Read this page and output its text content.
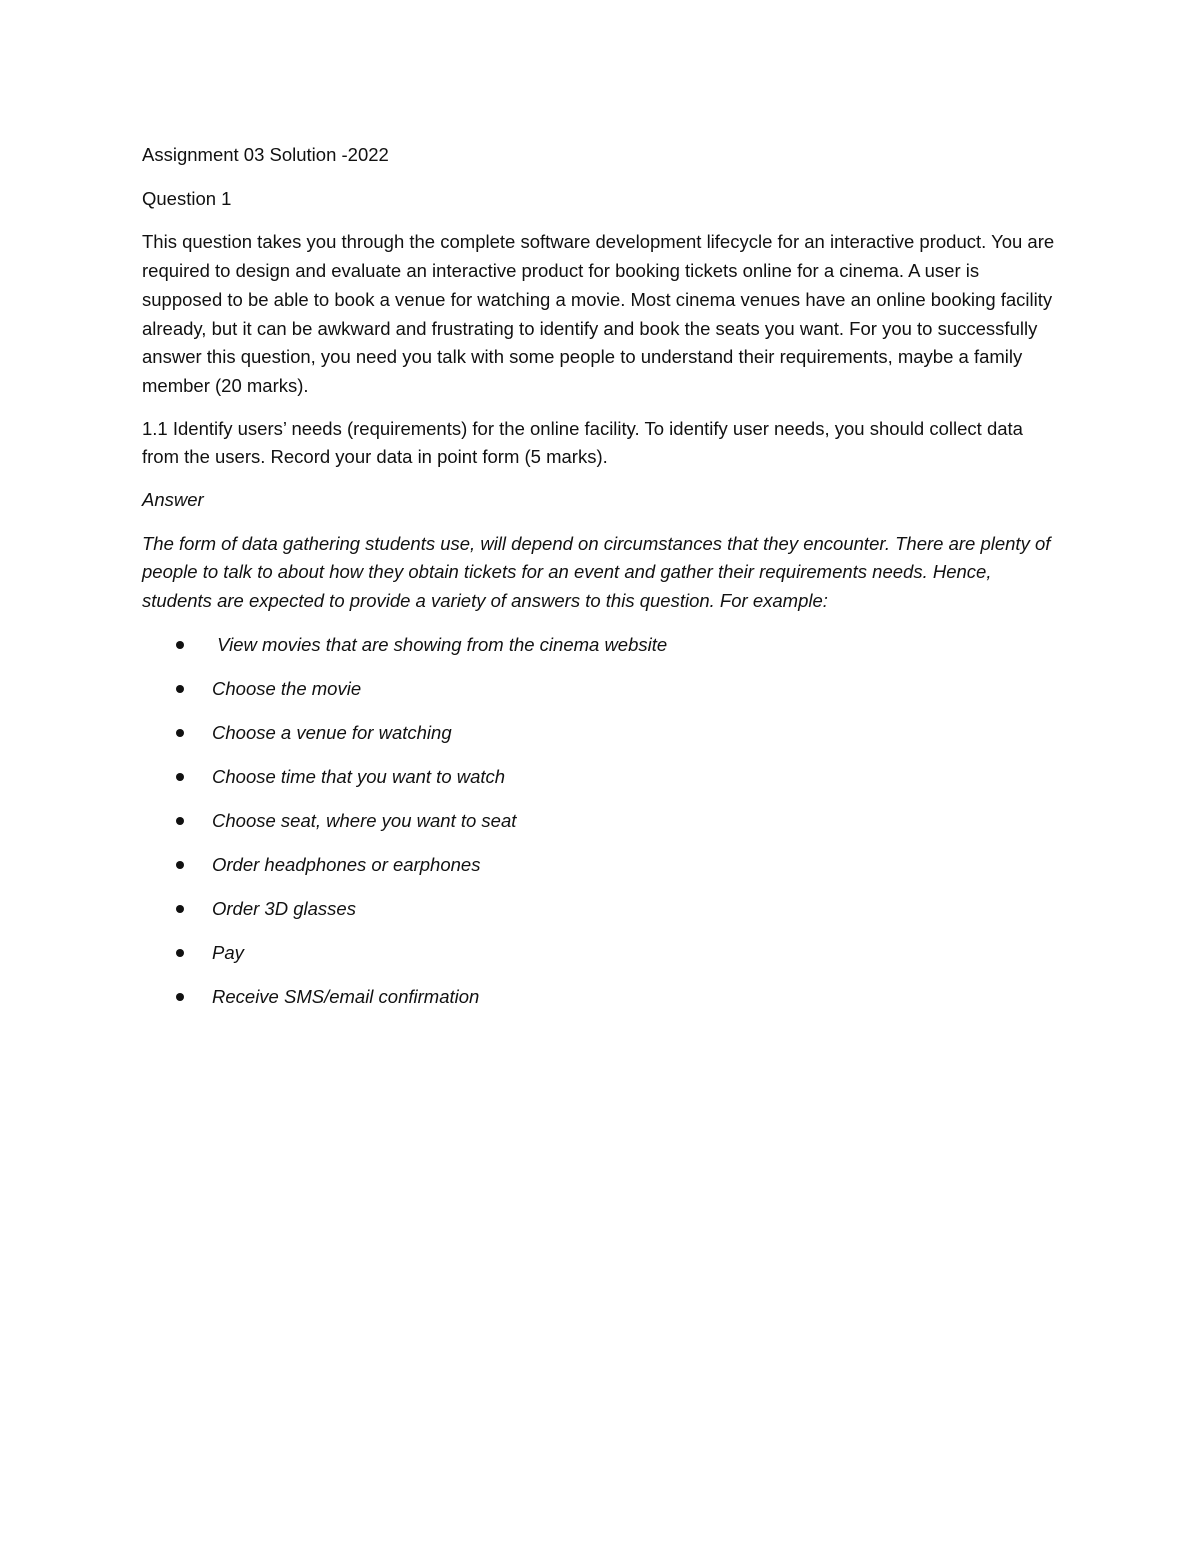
Assignment 03 Solution -2022

Question 1

This question takes you through the complete software development lifecycle for an interactive product. You are required to design and evaluate an interactive product for booking tickets online for a cinema. A user is supposed to be able to book a venue for watching a movie. Most cinema venues have an online booking facility already, but it can be awkward and frustrating to identify and book the seats you want. For you to successfully answer this question, you need you talk with some people to understand their requirements, maybe a family member (20 marks).

1.1 Identify users’ needs (requirements) for the online facility. To identify user needs, you should collect data from the users. Record your data in point form (5 marks).

Answer

The form of data gathering students use, will depend on circumstances that they encounter. There are plenty of people to talk to about how they obtain tickets for an event and gather their requirements needs. Hence, students are expected to provide a variety of answers to this question. For example:

View movies that are showing from the cinema website
Choose the movie
Choose a venue for watching
Choose time that you want to watch
Choose seat, where you want to seat
Order headphones or earphones
Order 3D glasses
Pay
Receive SMS/email confirmation
